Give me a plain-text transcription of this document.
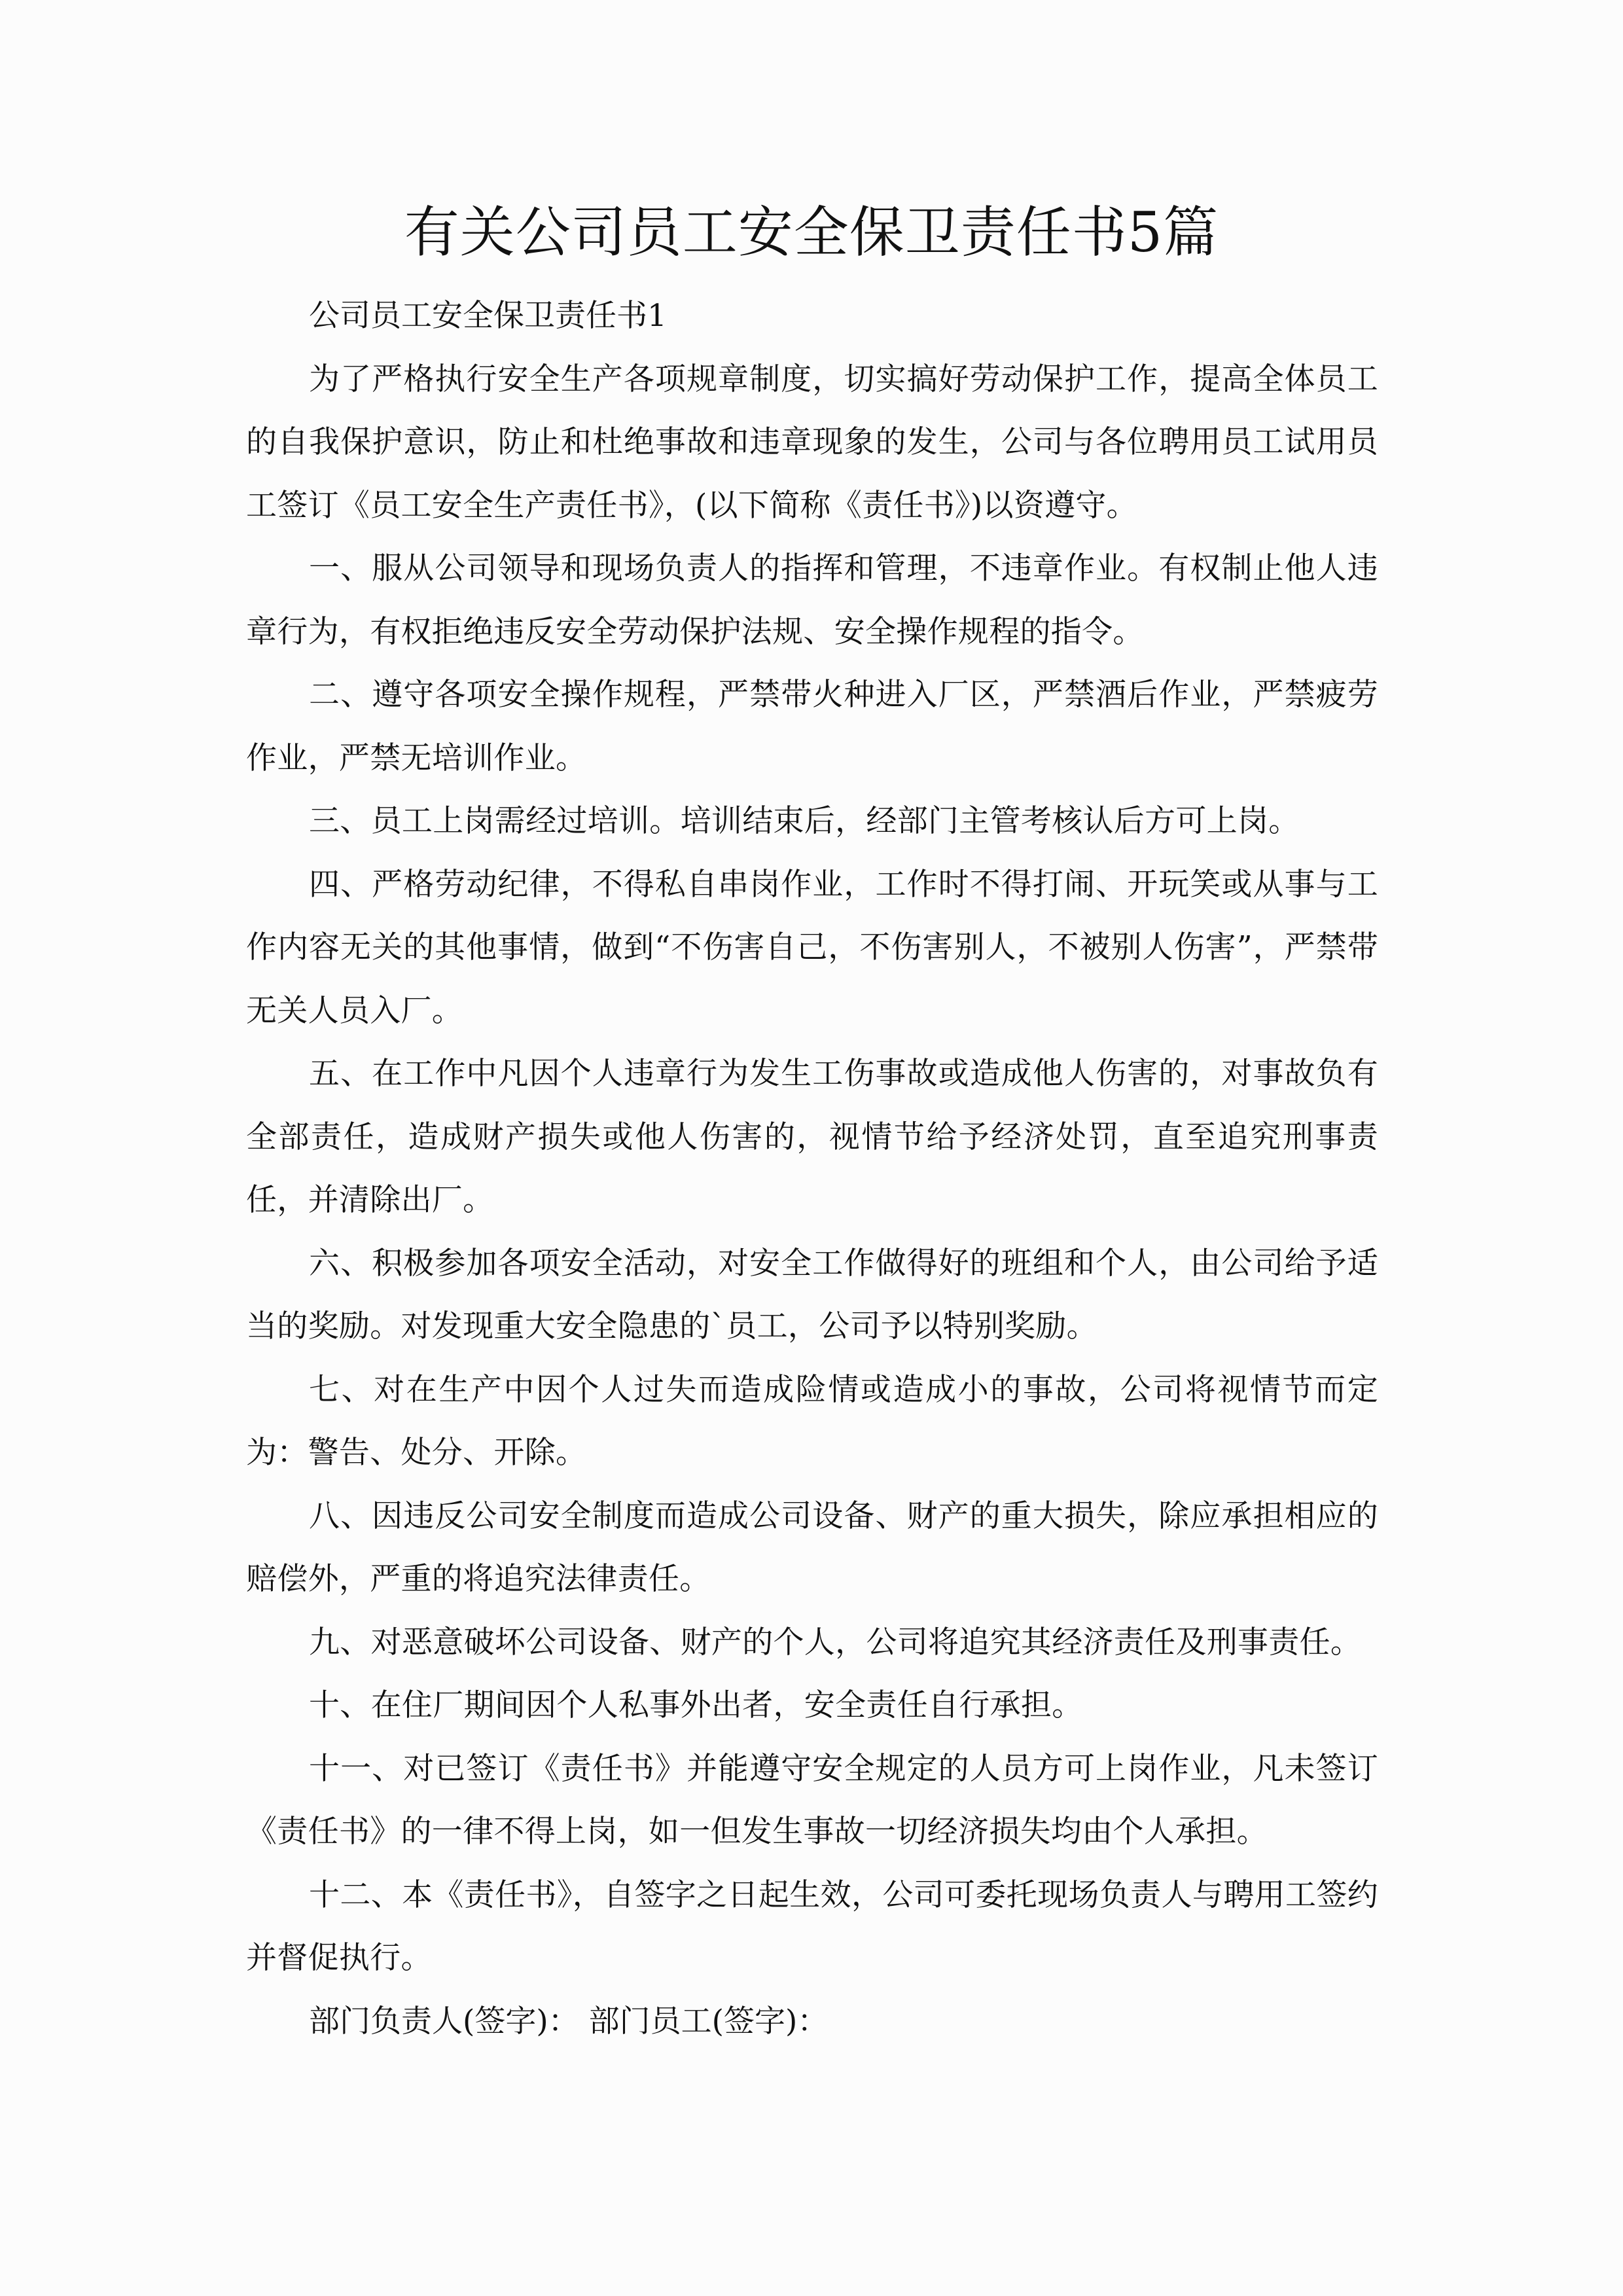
有关公司员工安全保卫责任书5篇

公司员工安全保卫责任书1

为了严格执行安全生产各项规章制度，切实搞好劳动保护工作，提高全体员工的自我保护意识，防止和杜绝事故和违章现象的发生，公司与各位聘用员工试用员工签订《员工安全生产责任书》，(以下简称《责任书》)以资遵守。

一、服从公司领导和现场负责人的指挥和管理，不违章作业。有权制止他人违章行为，有权拒绝违反安全劳动保护法规、安全操作规程的指令。

二、遵守各项安全操作规程，严禁带火种进入厂区，严禁酒后作业，严禁疲劳作业，严禁无培训作业。

三、员工上岗需经过培训。培训结束后，经部门主管考核认后方可上岗。

四、严格劳动纪律，不得私自串岗作业，工作时不得打闹、开玩笑或从事与工作内容无关的其他事情，做到“不伤害自己，不伤害别人，不被别人伤害”，严禁带无关人员入厂。

五、在工作中凡因个人违章行为发生工伤事故或造成他人伤害的，对事故负有全部责任，造成财产损失或他人伤害的，视情节给予经济处罚，直至追究刑事责任，并清除出厂。

六、积极参加各项安全活动，对安全工作做得好的班组和个人，由公司给予适当的奖励。对发现重大安全隐患的`员工，公司予以特别奖励。

七、对在生产中因个人过失而造成险情或造成小的事故，公司将视情节而定为：警告、处分、开除。

八、因违反公司安全制度而造成公司设备、财产的重大损失，除应承担相应的赔偿外，严重的将追究法律责任。

九、对恶意破坏公司设备、财产的个人，公司将追究其经济责任及刑事责任。

十、在住厂期间因个人私事外出者，安全责任自行承担。

十一、对已签订《责任书》并能遵守安全规定的人员方可上岗作业，凡未签订《责任书》的一律不得上岗，如一但发生事故一切经济损失均由个人承担。

十二、本《责任书》，自签字之日起生效，公司可委托现场负责人与聘用工签约并督促执行。

部门负责人(签字)： 部门员工(签字)：
